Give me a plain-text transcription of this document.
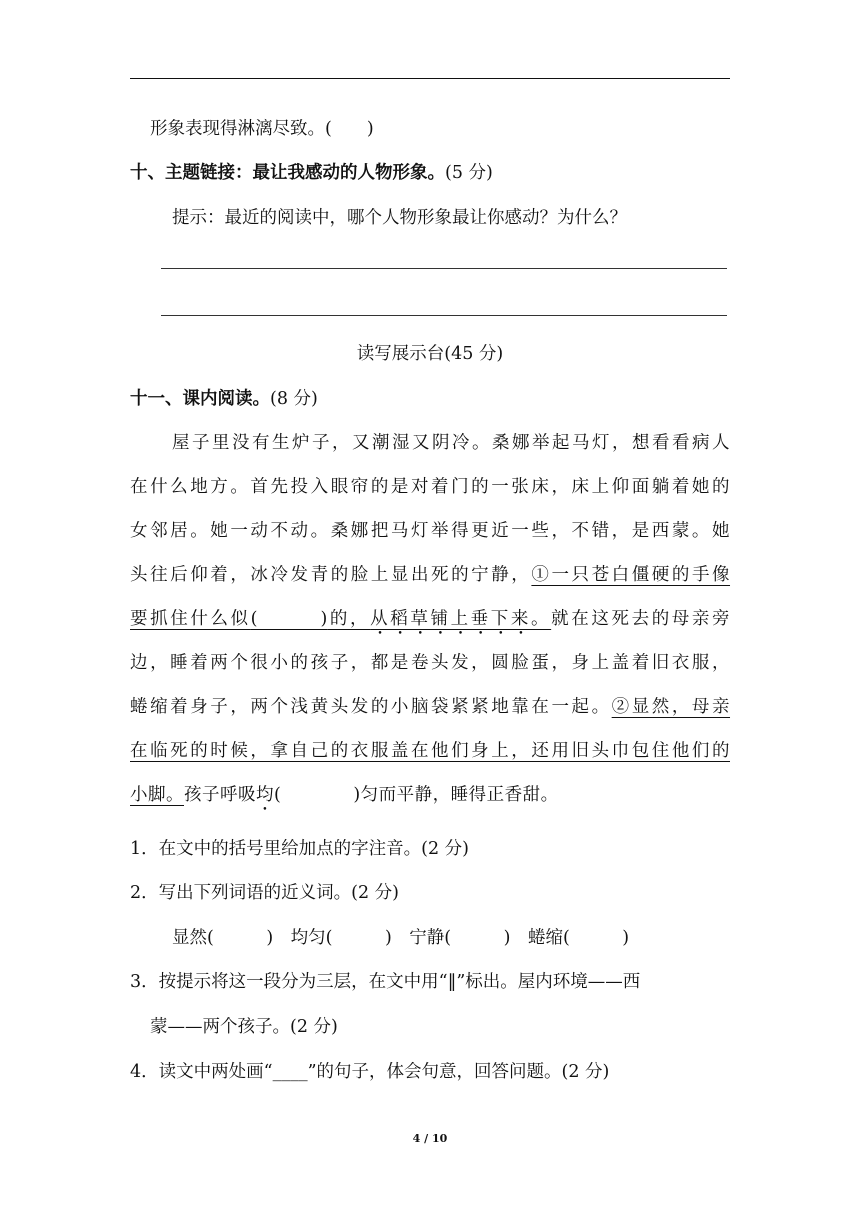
形象表现得淋漓尽致。(　　)
十、主题链接：最让我感动的人物形象。(5 分)
提示：最近的阅读中，哪个人物形象最让你感动？为什么？
读写展示台(45 分)
十一、课内阅读。(8 分)
屋子里没有生炉子，又潮湿又阴冷。桑娜举起马灯，想看看病人
在什么地方。首先投入眼帘的是对着门的一张床，床上仰面躺着她的
女邻居。她一动不动。桑娜把马灯举得更近一些，不错，是西蒙。她
头往后仰着，冰冷发青的脸上显出死的宁静，①一只苍白僵硬的手像
要抓住什么似(　　　)的，从稻草铺上垂下来。就在这死去的母亲旁
边，睡着两个很小的孩子，都是卷头发，圆脸蛋，身上盖着旧衣服，
蜷缩着身子，两个浅黄头发的小脑袋紧紧地靠在一起。②显然，母亲
在临死的时候，拿自己的衣服盖在他们身上，还用旧头巾包住他们的
小脚。孩子呼吸均(　　　　)匀而平静，睡得正香甜。
1．在文中的括号里给加点的字注音。(2 分)
2．写出下列词语的近义词。(2 分)
显然(　　　)　均匀(　　　)　宁静(　　　)　蜷缩(　　　)
3．按提示将这一段分为三层，在文中用“‖”标出。屋内环境——西
蒙——两个孩子。(2 分)
4．读文中两处画“____”的句子，体会句意，回答问题。(2 分)
4 / 10
